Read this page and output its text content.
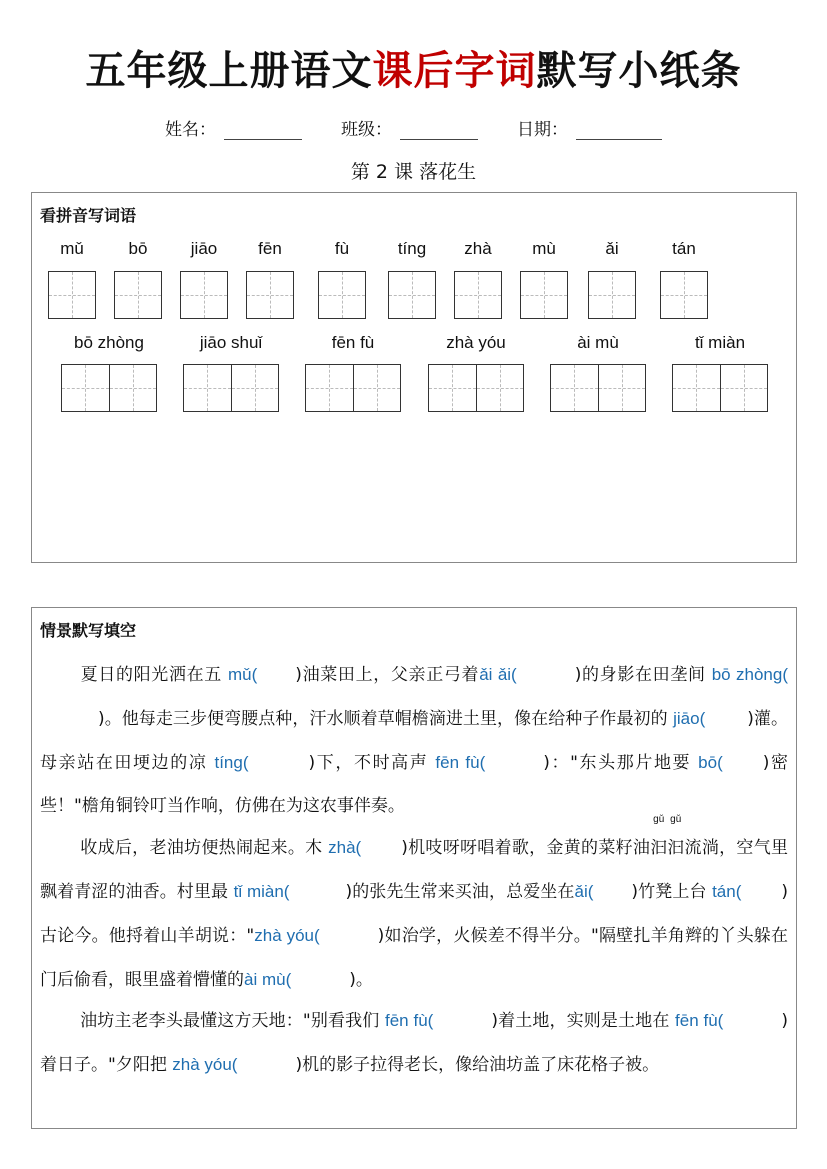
五年级上册语文课后字词默写小纸条
姓名：	班级：	日期：
第 2 课 落花生
看拼音写词语
mǔ	bō	jiāo	fēn	fù	tíng	zhà	mù	ǎi	tán
bō zhòng	jiāo shuǐ	fēn fù	zhà yóu	ài mù	tǐ miàn
情景默写填空
夏日的阳光洒在五 mǔ( )油菜田上，父亲正弓着ǎi ǎi(	)的身影在田垄间 bō zhòng()。他每走三步便弯腰点种，汗水顺着草帽檐滴进土里，像在给种子作最初的 jiāo( )灌。母亲站在田埂边的凉 tíng(	)下，不时高声 fēn fù(	)："东头那片地要 bō( )密些！"檐角铜铃叮当作响，仿佛在为这农事伴奏。
收成后，老油坊便热闹起来。木 zhà( )机吱呀呀唱着歌，金黄的菜籽油
gǔ
汩
gǔ
汩流淌，空气里飘着青涩的油香。村里最 tǐ miàn(	)的张先生常来买油，总爱坐在ǎi( )竹凳上台 tán( )古论今。他捋着山羊胡说："zhà yóu(	)如治学，火候差不得半分。"隔壁扎羊角辫的丫头躲在门后偷看，眼里盛着懵懂的ài mù(	)。
油坊主老李头最懂这方天地："别看我们 fēn fù(	)着土地，实则是土地在 fēn fù(	)着日子。"夕阳把 zhà yóu(	)机的影子拉得老长，像给油坊盖了床花格子被。
